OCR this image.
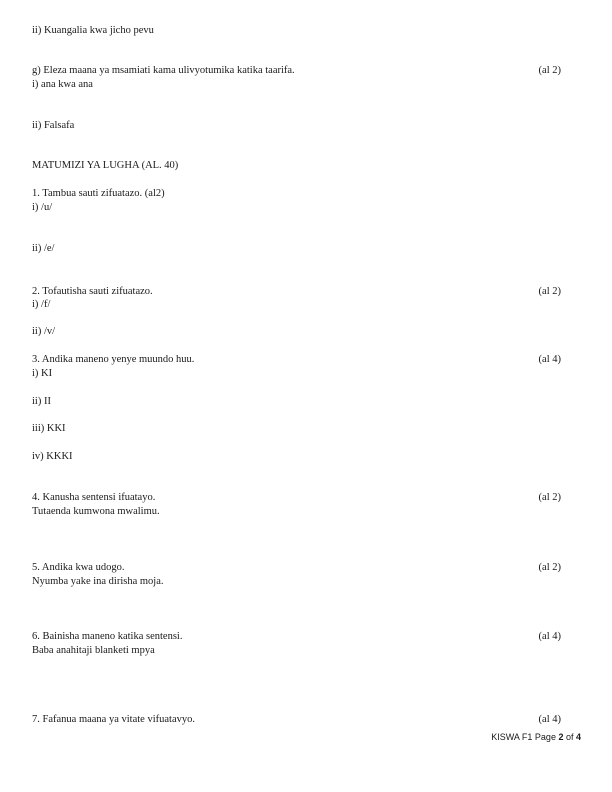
ii) Kuangalia kwa jicho pevu
g) Eleza maana ya msamiati kama ulivyotumika katika taarifa.	(al 2)
i) ana kwa ana
ii) Falsafa
MATUMIZI YA LUGHA (AL. 40)
1. Tambua sauti zifuatazo. (al2)
i) /u/
ii) /e/
2. Tofautisha sauti zifuatazo.	(al 2)
i) /f/
ii) /v/
3. Andika maneno yenye muundo huu.	(al 4)
i) KI
ii) II
iii) KKI
iv) KKKI
4. Kanusha sentensi ifuatayo.	(al 2)
Tutaenda kumwona mwalimu.
5. Andika kwa udogo.	(al 2)
Nyumba yake ina dirisha moja.
6. Bainisha maneno katika sentensi.	(al 4)
Baba anahitaji blanketi mpya
7. Fafanua maana ya vitate vifuatavyo.	(al 4)
KISWA F1 Page 2 of 4
